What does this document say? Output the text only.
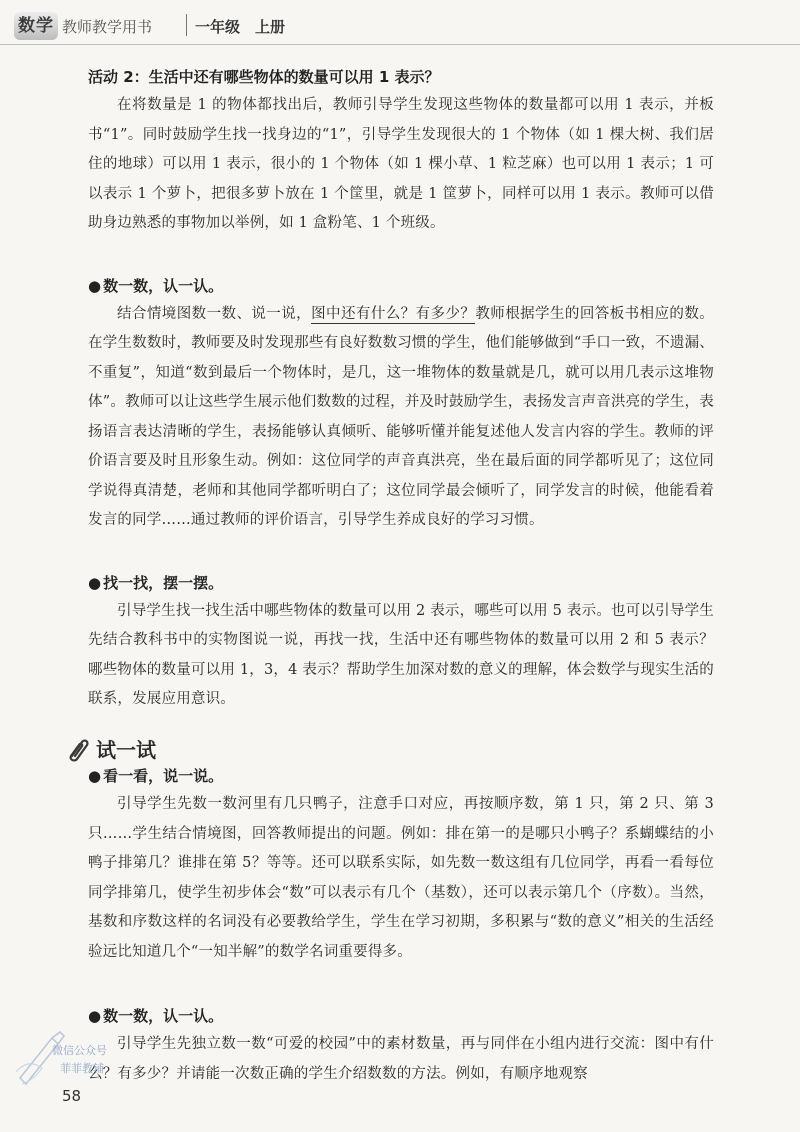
数学 教师教学用书	一年级　上册
活动 2：生活中还有哪些物体的数量可以用 1 表示？

在将数量是 1 的物体都找出后，教师引导学生发现这些物体的数量都可以用 1 表示，并板书“1”。同时鼓励学生找一找身边的“1”，引导学生发现很大的 1 个物体（如 1 棵大树、我们居住的地球）可以用 1 表示，很小的 1 个物体（如 1 棵小草、1 粒芝麻）也可以用 1 表示；1 可以表示 1 个萝卜，把很多萝卜放在 1 个筐里，就是 1 筐萝卜，同样可以用 1 表示。教师可以借助身边熟悉的事物加以举例，如 1 盒粉笔、1 个班级。

● 数一数，认一认。

结合情境图数一数、说一说，图中还有什么？有多少？教师根据学生的回答板书相应的数。在学生数数时，教师要及时发现那些有良好数数习惯的学生，他们能够做到“手口一致，不遗漏、不重复”，知道“数到最后一个物体时，是几，这一堆物体的数量就是几，就可以用几表示这堆物体”。教师可以让这些学生展示他们数数的过程，并及时鼓励学生，表扬发言声音洪亮的学生，表扬语言表达清晰的学生，表扬能够认真倾听、能够听懂并能复述他人发言内容的学生。教师的评价语言要及时且形象生动。例如：这位同学的声音真洪亮，坐在最后面的同学都听见了；这位同学说得真清楚，老师和其他同学都听明白了；这位同学最会倾听了，同学发言的时候，他能看着发言的同学……通过教师的评价语言，引导学生养成良好的学习习惯。

● 找一找，摆一摆。

引导学生找一找生活中哪些物体的数量可以用 2 表示，哪些可以用 5 表示。也可以引导学生先结合教科书中的实物图说一说，再找一找，生活中还有哪些物体的数量可以用 2 和 5 表示？哪些物体的数量可以用 1，3，4 表示？帮助学生加深对数的意义的理解，体会数学与现实生活的联系，发展应用意识。

试一试
● 看一看，说一说。

引导学生先数一数河里有几只鸭子，注意手口对应，再按顺序数，第 1 只，第 2 只、第 3 只……学生结合情境图，回答教师提出的问题。例如：排在第一的是哪只小鸭子？系蝴蝶结的小鸭子排第几？谁排在第 5？等等。还可以联系实际，如先数一数这组有几位同学，再看一看每位同学排第几，使学生初步体会“数”可以表示有几个（基数），还可以表示第几个（序数）。当然，基数和序数这样的名词没有必要教给学生，学生在学习初期，多积累与“数的意义”相关的生活经验远比知道几个“一知半解”的数学名词重要得多。

● 数一数，认一认。

引导学生先独立数一数“可爱的校园”中的素材数量，再与同伴在小组内进行交流：图中有什么？有多少？并请能一次数正确的学生介绍数数的方法。例如，有顺序地观察

微信公众号
菲菲教辅
58
